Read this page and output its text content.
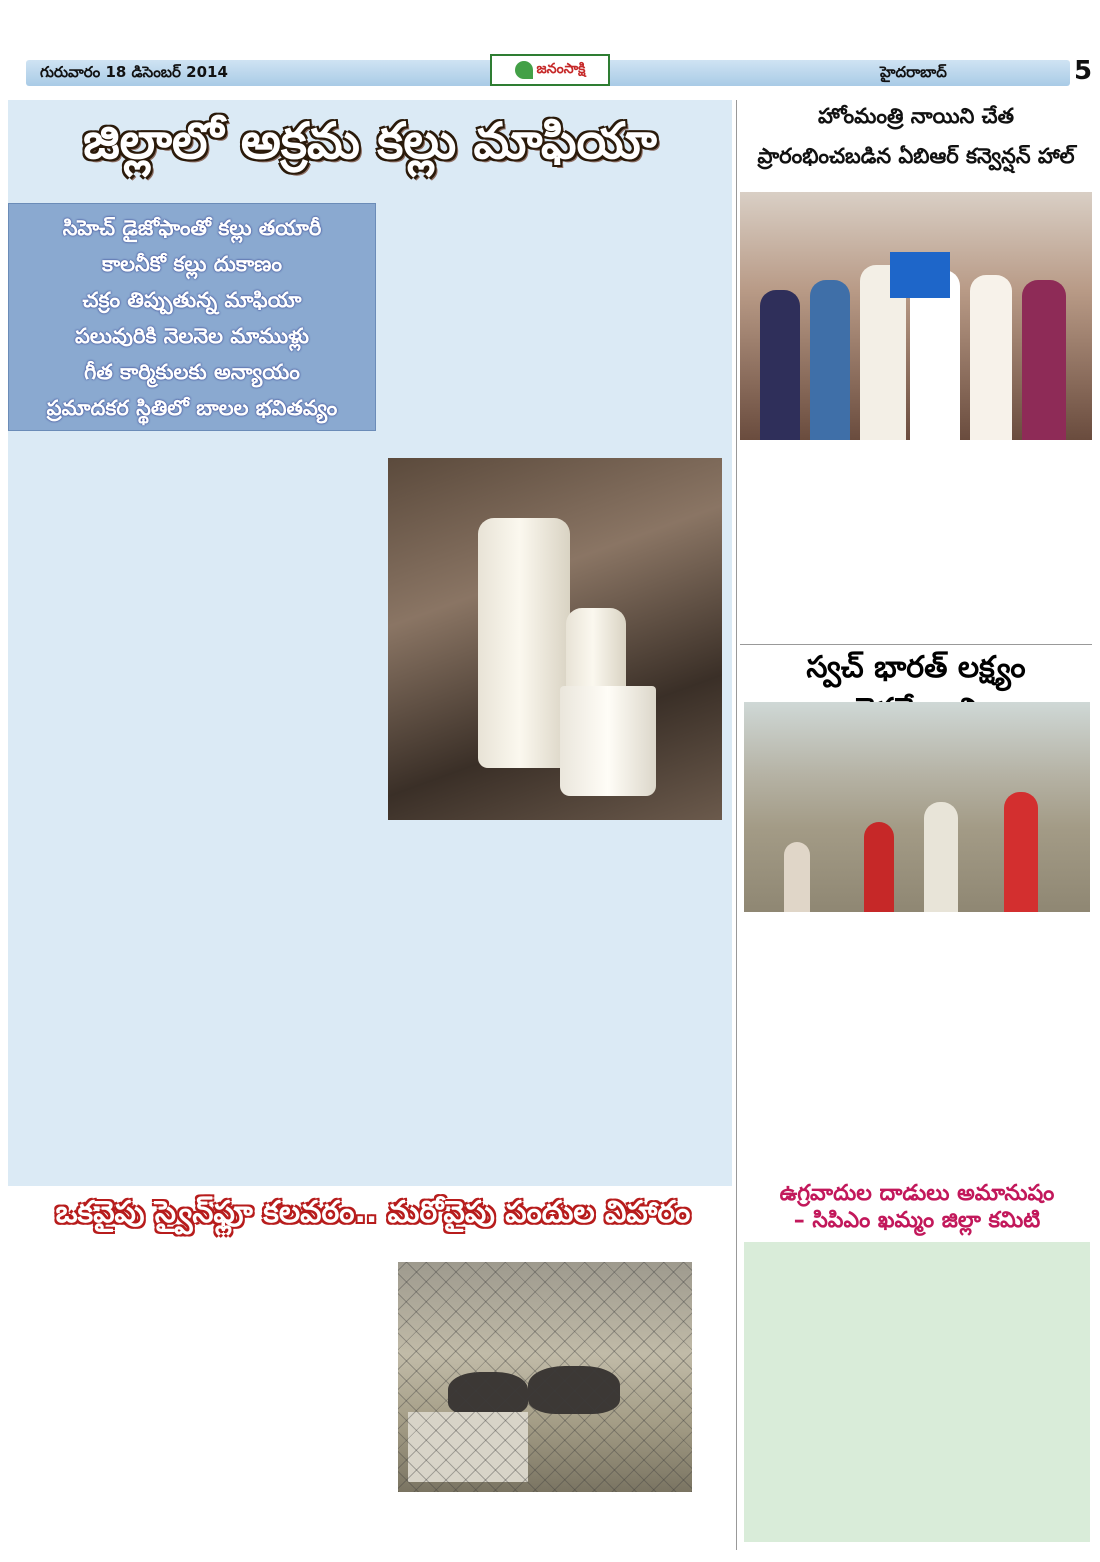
గురువారం 18 డిసెంబర్ 2014	జనంసాక్షి	హైదరాబాద్	5
జిల్లాలో అక్రమ కల్లు మాఫియా
సిహెచ్ డైజోఫాంతో కల్లు తయారీ
కాలనీకో కల్లు దుకాణం
చక్రం తిప్పుతున్న మాఫియా
పలువురికి నెలనెల మాముళ్లు
గీత కార్మికులకు అన్యాయం
ప్రమాదకర స్థితిలో బాలల భవితవ్యం

హోంమంత్రి నాయిని చేత
ప్రారంభించబడిన ఏబిఆర్ కన్వెన్షన్ హాల్

స్వచ్ భారత్ లక్ష్యం

ఉగ్రవాదుల దాడులు అమానుషం
– సిపిఎం ఖమ్మం జిల్లా కమిటి

ఒకవైపు స్వైన్‌ఫ్లూ కలవరం.. మరోవైపు పందుల విహారం
